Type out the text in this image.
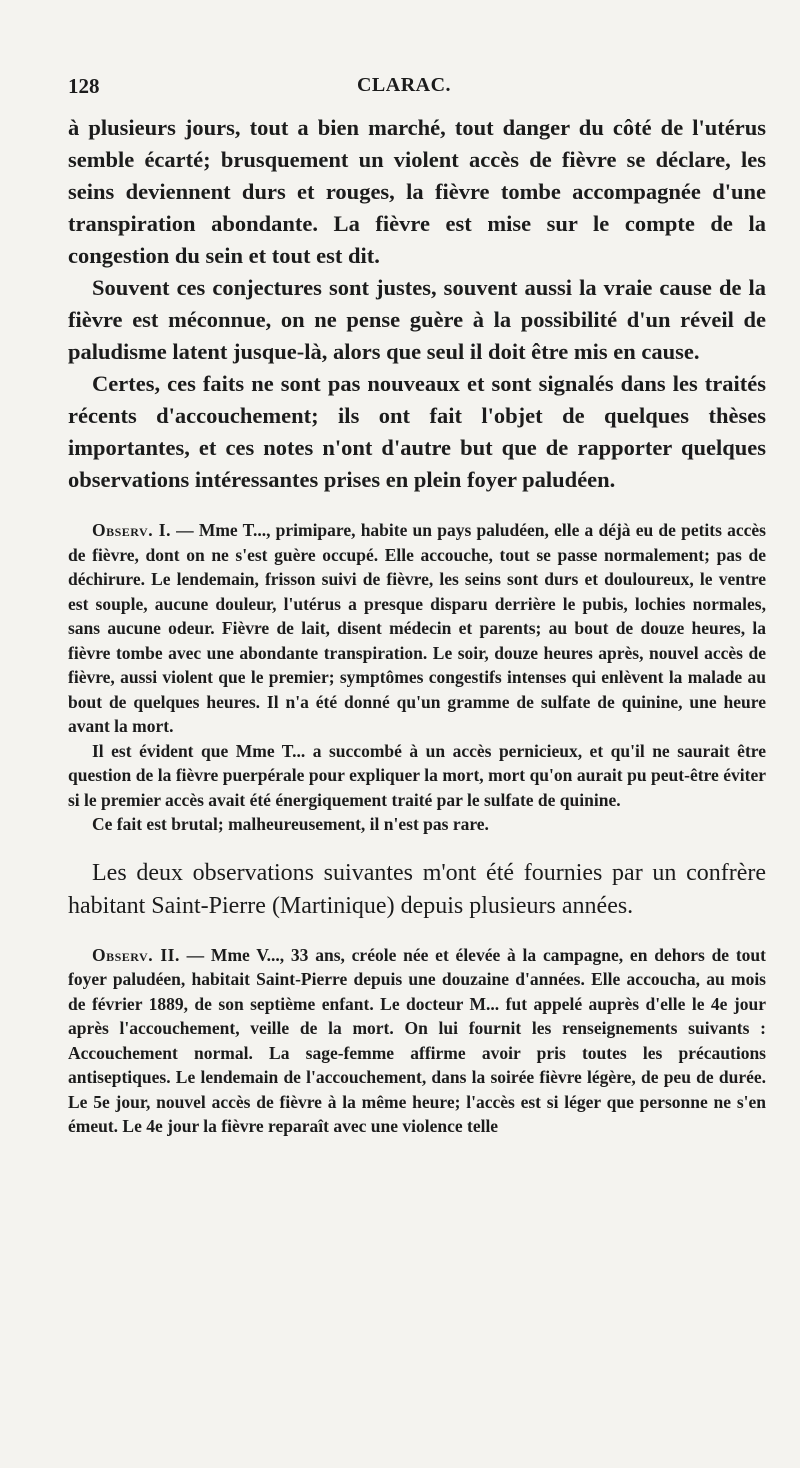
128	CLARAC.

à plusieurs jours, tout a bien marché, tout danger du côté de l'utérus semble écarté; brusquement un violent accès de fièvre se déclare, les seins deviennent durs et rouges, la fièvre tombe accompagnée d'une transpiration abondante. La fièvre est mise sur le compte de la congestion du sein et tout est dit.

Souvent ces conjectures sont justes, souvent aussi la vraie cause de la fièvre est méconnue, on ne pense guère à la possibilité d'un réveil de paludisme latent jusque-là, alors que seul il doit être mis en cause.

Certes, ces faits ne sont pas nouveaux et sont signalés dans les traités récents d'accouchement; ils ont fait l'objet de quelques thèses importantes, et ces notes n'ont d'autre but que de rapporter quelques observations intéressantes prises en plein foyer paludéen.

Observ. I. — Mme T..., primipare, habite un pays paludéen, elle a déjà eu de petits accès de fièvre, dont on ne s'est guère occupé. Elle accouche, tout se passe normalement; pas de déchirure. Le lendemain, frisson suivi de fièvre, les seins sont durs et douloureux, le ventre est souple, aucune douleur, l'utérus a presque disparu derrière le pubis, lochies normales, sans aucune odeur. Fièvre de lait, disent médecin et parents; au bout de douze heures, la fièvre tombe avec une abondante transpiration. Le soir, douze heures après, nouvel accès de fièvre, aussi violent que le premier; symptômes congestifs intenses qui enlèvent la malade au bout de quelques heures. Il n'a été donné qu'un gramme de sulfate de quinine, une heure avant la mort.

Il est évident que Mme T... a succombé à un accès pernicieux, et qu'il ne saurait être question de la fièvre puerpérale pour expliquer la mort, mort qu'on aurait pu peut-être éviter si le premier accès avait été énergiquement traité par le sulfate de quinine.

Ce fait est brutal; malheureusement, il n'est pas rare.

Les deux observations suivantes m'ont été fournies par un confrère habitant Saint-Pierre (Martinique) depuis plusieurs années.

Observ. II. — Mme V..., 33 ans, créole née et élevée à la campagne, en dehors de tout foyer paludéen, habitait Saint-Pierre depuis une douzaine d'années. Elle accoucha, au mois de février 1889, de son septième enfant. Le docteur M... fut appelé auprès d'elle le 4e jour après l'accouchement, veille de la mort. On lui fournit les renseignements suivants : Accouchement normal. La sage-femme affirme avoir pris toutes les précautions antiseptiques. Le lendemain de l'accouchement, dans la soirée fièvre légère, de peu de durée. Le 5e jour, nouvel accès de fièvre à la même heure; l'accès est si léger que personne ne s'en émeut. Le 4e jour la fièvre reparaît avec une violence telle
